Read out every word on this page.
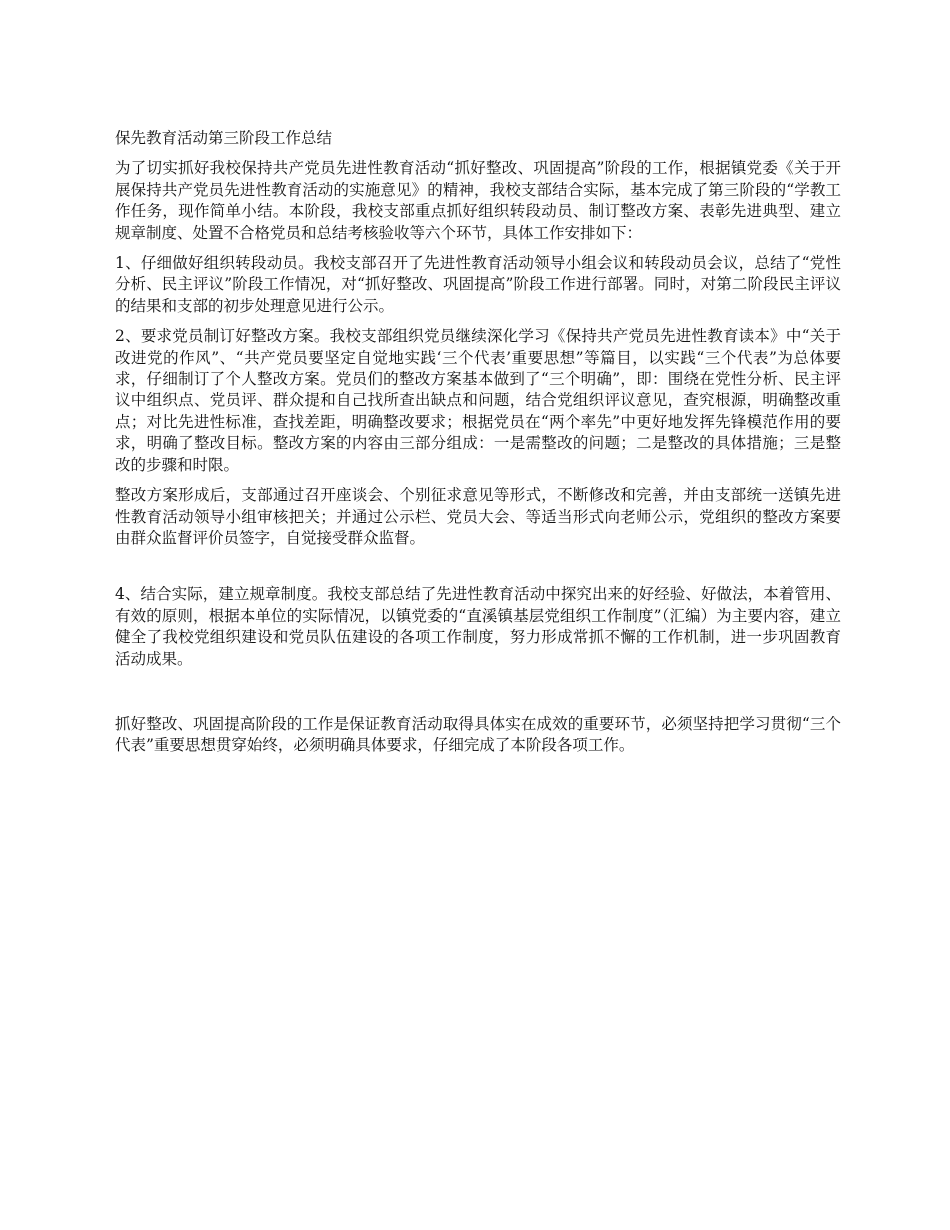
保先教育活动第三阶段工作总结

为了切实抓好我校保持共产党员先进性教育活动“抓好整改、巩固提高”阶段的工作，根据镇党委《关于开展保持共产党员先进性教育活动的实施意见》的精神，我校支部结合实际，基本完成了第三阶段的“学教工作任务，现作简单小结。本阶段，我校支部重点抓好组织转段动员、制订整改方案、表彰先进典型、建立规章制度、处置不合格党员和总结考核验收等六个环节，具体工作安排如下：

1、仔细做好组织转段动员。我校支部召开了先进性教育活动领导小组会议和转段动员会议，总结了“党性分析、民主评议”阶段工作情况，对“抓好整改、巩固提高”阶段工作进行部署。同时，对第二阶段民主评议的结果和支部的初步处理意见进行公示。

2、要求党员制订好整改方案。我校支部组织党员继续深化学习《保持共产党员先进性教育读本》中“关于改进党的作风”、“共产党员要坚定自觉地实践‘三个代表’重要思想”等篇目，以实践“三个代表”为总体要求，仔细制订了个人整改方案。党员们的整改方案基本做到了“三个明确”，即：围绕在党性分析、民主评议中组织点、党员评、群众提和自己找所查出缺点和问题，结合党组织评议意见，查究根源，明确整改重点；对比先进性标准，查找差距，明确整改要求；根据党员在“两个率先”中更好地发挥先锋模范作用的要求，明确了整改目标。整改方案的内容由三部分组成：一是需整改的问题；二是整改的具体措施；三是整改的步骤和时限。

整改方案形成后，支部通过召开座谈会、个别征求意见等形式，不断修改和完善，并由支部统一送镇先进性教育活动领导小组审核把关；并通过公示栏、党员大会、等适当形式向老师公示，党组织的整改方案要由群众监督评价员签字，自觉接受群众监督。

4、结合实际，建立规章制度。我校支部总结了先进性教育活动中探究出来的好经验、好做法，本着管用、有效的原则，根据本单位的实际情况，以镇党委的“直溪镇基层党组织工作制度”（汇编）为主要内容，建立健全了我校党组织建设和党员队伍建设的各项工作制度，努力形成常抓不懈的工作机制，进一步巩固教育活动成果。

抓好整改、巩固提高阶段的工作是保证教育活动取得具体实在成效的重要环节，必须坚持把学习贯彻“三个代表”重要思想贯穿始终，必须明确具体要求，仔细完成了本阶段各项工作。
